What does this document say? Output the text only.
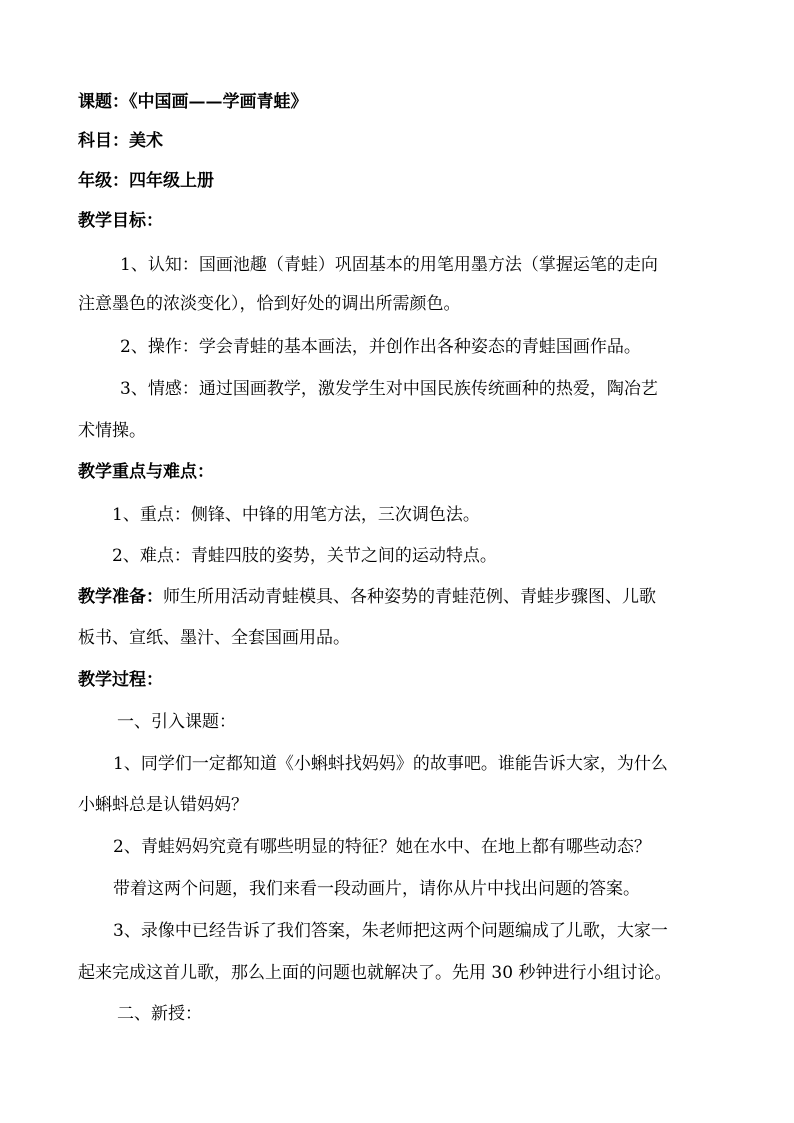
课题：《中国画——学画青蛙》
科目：美术
年级：四年级上册
教学目标：
1、认知：国画池趣（青蛙）巩固基本的用笔用墨方法（掌握运笔的走向
注意墨色的浓淡变化），恰到好处的调出所需颜色。
2、操作：学会青蛙的基本画法，并创作出各种姿态的青蛙国画作品。
3、情感：通过国画教学，激发学生对中国民族传统画种的热爱，陶冶艺
术情操。
教学重点与难点：
1、重点：侧锋、中锋的用笔方法，三次调色法。
2、难点：青蛙四肢的姿势，关节之间的运动特点。
教学准备：师生所用活动青蛙模具、各种姿势的青蛙范例、青蛙步骤图、儿歌
板书、宣纸、墨汁、全套国画用品。
教学过程：
一、引入课题：
1、同学们一定都知道《小蝌蚪找妈妈》的故事吧。谁能告诉大家，为什么
小蝌蚪总是认错妈妈？
2、青蛙妈妈究竟有哪些明显的特征？她在水中、在地上都有哪些动态？
带着这两个问题，我们来看一段动画片，请你从片中找出问题的答案。
3、录像中已经告诉了我们答案，朱老师把这两个问题编成了儿歌，大家一
起来完成这首儿歌，那么上面的问题也就解决了。先用 30 秒钟进行小组讨论。
二、新授：
